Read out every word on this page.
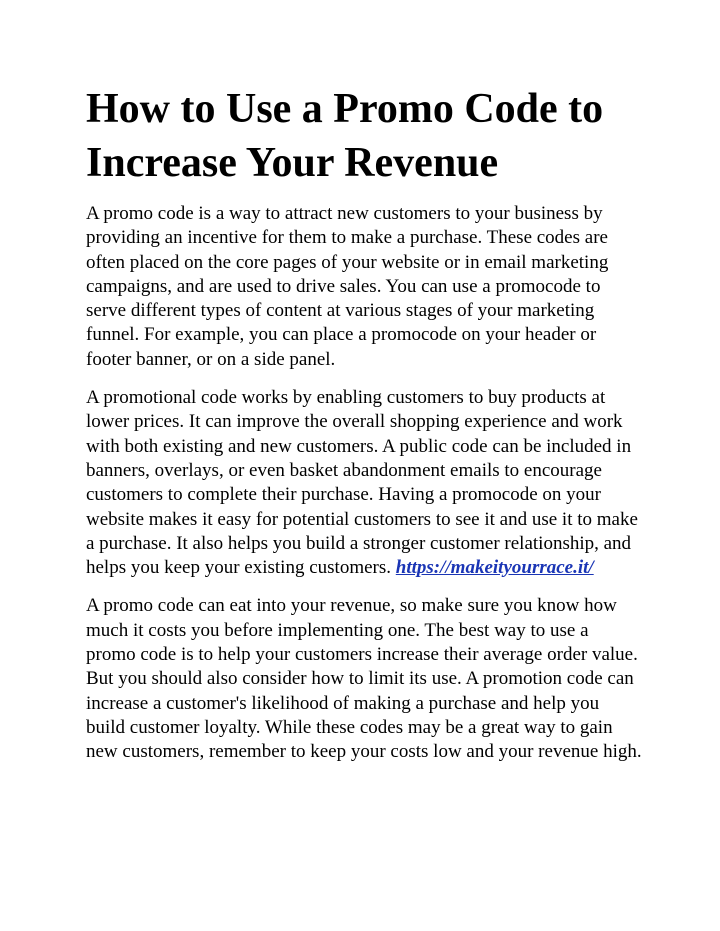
How to Use a Promo Code to Increase Your Revenue

A promo code is a way to attract new customers to your business by providing an incentive for them to make a purchase. These codes are often placed on the core pages of your website or in email marketing campaigns, and are used to drive sales. You can use a promocode to serve different types of content at various stages of your marketing funnel. For example, you can place a promocode on your header or footer banner, or on a side panel.

A promotional code works by enabling customers to buy products at lower prices. It can improve the overall shopping experience and work with both existing and new customers. A public code can be included in banners, overlays, or even basket abandonment emails to encourage customers to complete their purchase. Having a promocode on your website makes it easy for potential customers to see it and use it to make a purchase. It also helps you build a stronger customer relationship, and helps you keep your existing customers. https://makeityourrace.it/

A promo code can eat into your revenue, so make sure you know how much it costs you before implementing one. The best way to use a promo code is to help your customers increase their average order value. But you should also consider how to limit its use. A promotion code can increase a customer's likelihood of making a purchase and help you build customer loyalty. While these codes may be a great way to gain new customers, remember to keep your costs low and your revenue high.
